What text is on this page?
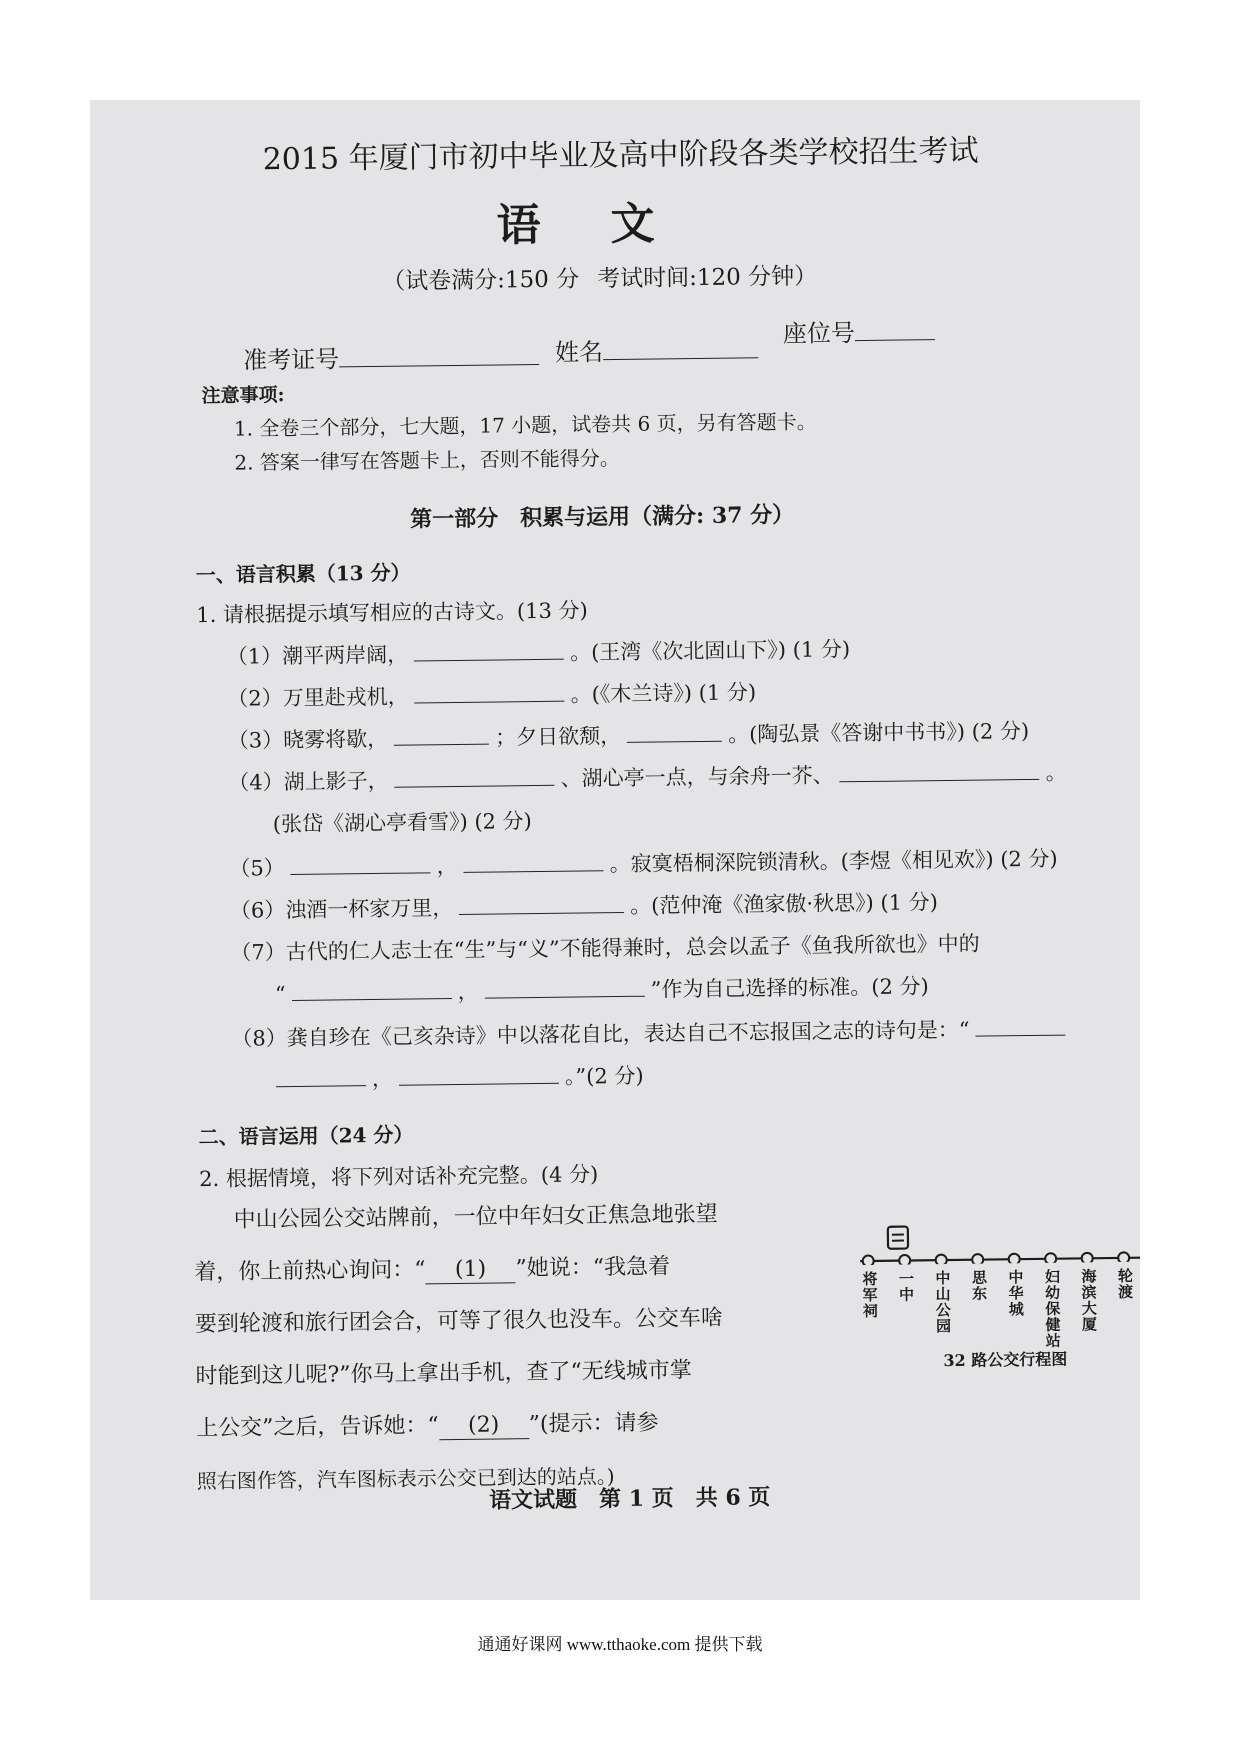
2015 年厦门市初中毕业及高中阶段各类学校招生考试
语文
（试卷满分:150 分 考试时间:120 分钟）
准考证号	姓名
座位号
注意事项:
1. 全卷三个部分，七大题，17 小题，试卷共 6 页，另有答题卡。
2. 答案一律写在答题卡上，否则不能得分。
第一部分　积累与运用（满分: 37 分）
一、语言积累（13 分）
1. 请根据提示填写相应的古诗文。(13 分)
（1）潮平两岸阔，	。(王湾《次北固山下》) (1 分)
（2）万里赴戎机，	。(《木兰诗》) (1 分)
（3）晓雾将歇，	；夕日欲颓，	。(陶弘景《答谢中书书》) (2 分)
（4）湖上影子，	、湖心亭一点，与余舟一芥、	。
(张岱《湖心亭看雪》) (2 分)
（5）	，	。寂寞梧桐深院锁清秋。(李煜《相见欢》) (2 分)
（6）浊酒一杯家万里，	。(范仲淹《渔家傲·秋思》) (1 分)
（7）古代的仁人志士在“生”与“义”不能得兼时，总会以孟子《鱼我所欲也》中的
“	，	”作为自己选择的标准。(2 分)
（8）龚自珍在《己亥杂诗》中以落花自比，表达自己不忘报国之志的诗句是：“
，	。”(2 分)
二、语言运用（24 分）
2. 根据情境，将下列对话补充完整。(4 分)
中山公园公交站牌前，一位中年妇女正焦急地张望
着，你上前热心询问：“ (1) ”她说：“我急着
要到轮渡和旅行团会合，可等了很久也没车。公交车啥
时能到这儿呢?”你马上拿出手机，查了“无线城市掌
上公交”之后，告诉她：“ (2) ”(提示：请参
照右图作答，汽车图标表示公交已到达的站点。)
将军祠 一中 中山公园 思东 中华城 妇幼保健站 海滨大厦 轮渡
32 路公交行程图
语文试题　第 1 页　共 6 页
通通好课网 www.tthaoke.com 提供下载
